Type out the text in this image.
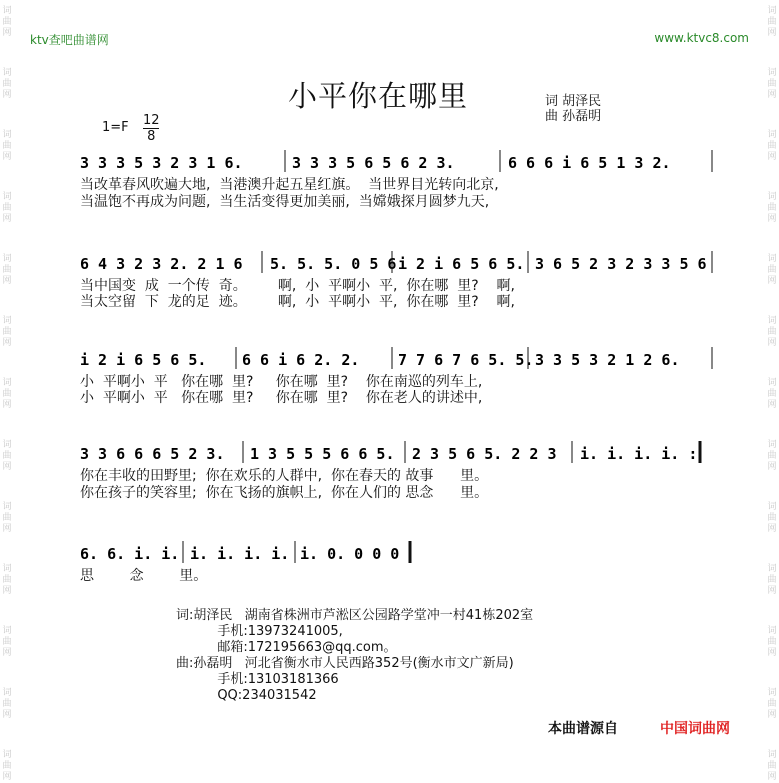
词
曲
网
词
曲
网
词
曲
网
词
曲
网
词
曲
网
词
曲
网
词
曲
网
词
曲
网
词
曲
网
词
曲
网
词
曲
网
词
曲
网
词
曲
网
词
曲
网
词
曲
网
词
曲
网
词
曲
网
词
曲
网
词
曲
网
词
曲
网
词
曲
网
词
曲
网
词
曲
网
词
曲
网
词
曲
网
词
曲
网
ktv查吧曲谱网	www.ktvc8.com
小平你在哪里	词 胡泽民
曲 孙磊明
1=F 12
8
3 3 3 5 3 2 3 1 6.	3 3 3 5 6 5 6 2 3.	6 6 6 i 6 5 1 3 2.
6 4 3 2 3 2. 2 1 6 5. 5. 5. 0 5 6 i 2 i 6 5 6 5. 3 6 5 2 3 2 3 3 5 6
i 2 i 6 5 6 5. 6 6 i 6 2. 2.	7 7 6 7 6 5. 5. 3 3 5 3 2 1 2 6.
3 3 6 6 6 5 2 3. 1 3 5 5 5 6 6 5. 2 3 5 6 5. 2 2 3 i. i. i. i. :
6. 6. i. i. i. i. i. i. i. 0. 0 0 0
当改革春风吹遍大地,  当港澳升起五星红旗。  当世界目光转向北京,
当温饱不再成为问题,  当生活变得更加美丽,  当嫦娥探月圆梦九天,
当中国变  成  一个传  奇。       啊,  小  平啊小  平,  你在哪  里?    啊,
当太空留  下  龙的足  迹。       啊,  小  平啊小  平,  你在哪  里?    啊,
小  平啊小  平   你在哪  里?     你在哪  里?    你在南巡的列车上,
小  平啊小  平   你在哪  里?     你在哪  里?    你在老人的讲述中,
你在丰收的田野里;  你在欢乐的人群中,  你在春天的 故事      里。
你在孩子的笑容里;  你在飞扬的旗帜上,  你在人们的 思念      里。
思        念        里。
词:胡泽民   湖南省株洲市芦淞区公园路学堂冲一村41栋202室
手机:13973241005,
邮箱:172195663@qq.com。
曲:孙磊明   河北省衡水市人民西路352号(衡水市文广新局)
手机:13103181366
QQ:234031542
本曲谱源自	中国词曲网
